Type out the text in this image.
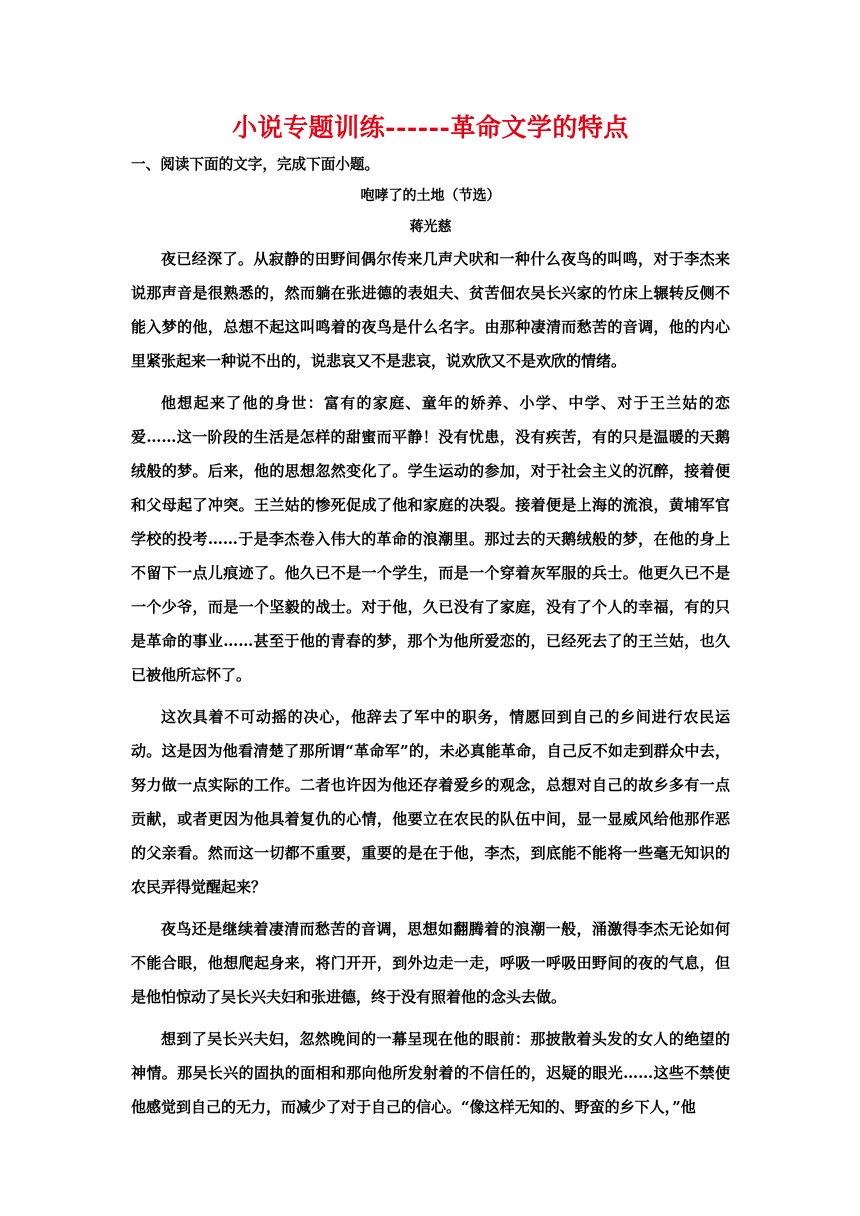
小说专题训练------革命文学的特点

一、阅读下面的文字，完成下面小题。

咆哮了的土地（节选）

蒋光慈

夜已经深了。从寂静的田野间偶尔传来几声犬吠和一种什么夜鸟的叫鸣，对于李杰来说那声音是很熟悉的，然而躺在张进德的表姐夫、贫苦佃农吴长兴家的竹床上辗转反侧不能入梦的他，总想不起这叫鸣着的夜鸟是什么名字。由那种凄清而愁苦的音调，他的内心里紧张起来一种说不出的，说悲哀又不是悲哀，说欢欣又不是欢欣的情绪。

他想起来了他的身世：富有的家庭、童年的娇养、小学、中学、对于王兰姑的恋爱……这一阶段的生活是怎样的甜蜜而平静！没有忧患，没有疾苦，有的只是温暖的天鹅绒般的梦。后来，他的思想忽然变化了。学生运动的参加，对于社会主义的沉醉，接着便和父母起了冲突。王兰姑的惨死促成了他和家庭的决裂。接着便是上海的流浪，黄埔军官学校的投考……于是李杰卷入伟大的革命的浪潮里。那过去的天鹅绒般的梦，在他的身上不留下一点儿痕迹了。他久已不是一个学生，而是一个穿着灰军服的兵士。他更久已不是一个少爷，而是一个坚毅的战士。对于他，久已没有了家庭，没有了个人的幸福，有的只是革命的事业……甚至于他的青春的梦，那个为他所爱恋的，已经死去了的王兰姑，也久已被他所忘怀了。

这次具着不可动摇的决心，他辞去了军中的职务，情愿回到自己的乡间进行农民运动。这是因为他看清楚了那所谓“革命军”的，未必真能革命，自己反不如走到群众中去，努力做一点实际的工作。二者也许因为他还存着爱乡的观念，总想对自己的故乡多有一点贡献，或者更因为他具着复仇的心情，他要立在农民的队伍中间，显一显威风给他那作恶的父亲看。然而这一切都不重要，重要的是在于他，李杰，到底能不能将一些毫无知识的农民弄得觉醒起来？

夜鸟还是继续着凄清而愁苦的音调，思想如翻腾着的浪潮一般，涌激得李杰无论如何不能合眼，他想爬起身来，将门开开，到外边走一走，呼吸一呼吸田野间的夜的气息，但是他怕惊动了吴长兴夫妇和张进德，终于没有照着他的念头去做。

想到了吴长兴夫妇，忽然晚间的一幕呈现在他的眼前：那披散着头发的女人的绝望的神情。那吴长兴的固执的面相和那向他所发射着的不信任的，迟疑的眼光……这些不禁使他感觉到自己的无力，而减少了对于自己的信心。“像这样无知的、野蛮的乡下人，”他
